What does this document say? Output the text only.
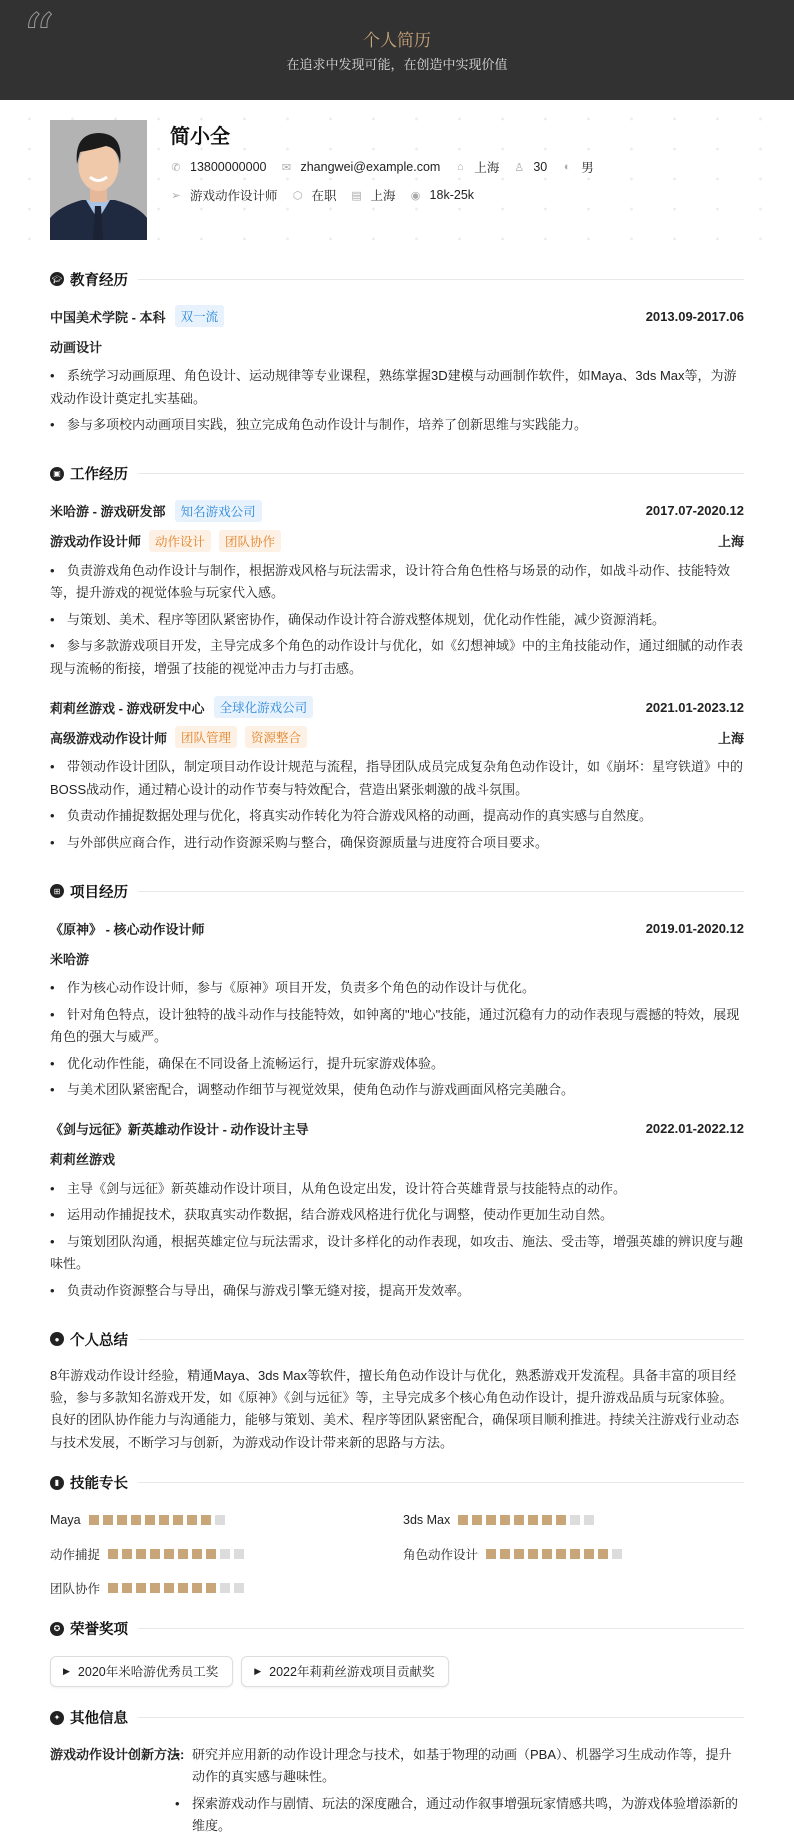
“	个人简历
在追求中发现可能，在创造中实现价值
简小全
✆ 13800000000 ✉ zhangwei@example.com ⌂ 上海 ♙ 30 ◐ 男
➢ 游戏动作设计师 ⬡ 在职 ▤ 上海 ◉ 18k-25k
🎓︎ 教育经历
中国美术学院 - 本科	双一流	2013.09-2017.06
动画设计
• 系统学习动画原理、角色设计、运动规律等专业课程，熟练掌握3D建模与动画制作软件，如Maya、3ds Max等，为游戏动作设计奠定扎实基础。
• 参与多项校内动画项目实践，独立完成角色动作设计与制作，培养了创新思维与实践能力。
▣ 工作经历
米哈游 - 游戏研发部	知名游戏公司	2017.07-2020.12
游戏动作设计师	动作设计	团队协作	上海
• 负责游戏角色动作设计与制作，根据游戏风格与玩法需求，设计符合角色性格与场景的动作，如战斗动作、技能特效等，提升游戏的视觉体验与玩家代入感。
• 与策划、美术、程序等团队紧密协作，确保动作设计符合游戏整体规划，优化动作性能，减少资源消耗。
• 参与多款游戏项目开发，主导完成多个角色的动作设计与优化，如《幻想神域》中的主角技能动作，通过细腻的动作表现与流畅的衔接，增强了技能的视觉冲击力与打击感。
莉莉丝游戏 - 游戏研发中心	全球化游戏公司	2021.01-2023.12
高级游戏动作设计师	团队管理	资源整合	上海
• 带领动作设计团队，制定项目动作设计规范与流程，指导团队成员完成复杂角色动作设计，如《崩坏：星穹铁道》中的BOSS战动作，通过精心设计的动作节奏与特效配合，营造出紧张刺激的战斗氛围。
• 负责动作捕捉数据处理与优化，将真实动作转化为符合游戏风格的动画，提高动作的真实感与自然度。
• 与外部供应商合作，进行动作资源采购与整合，确保资源质量与进度符合项目要求。
⊞ 项目经历
《原神》 - 核心动作设计师	2019.01-2020.12
米哈游
• 作为核心动作设计师，参与《原神》项目开发，负责多个角色的动作设计与优化。
• 针对角色特点，设计独特的战斗动作与技能特效，如钟离的"地心"技能，通过沉稳有力的动作表现与震撼的特效，展现角色的强大与威严。
• 优化动作性能，确保在不同设备上流畅运行，提升玩家游戏体验。
• 与美术团队紧密配合，调整动作细节与视觉效果，使角色动作与游戏画面风格完美融合。
《剑与远征》新英雄动作设计 - 动作设计主导	2022.01-2022.12
莉莉丝游戏
• 主导《剑与远征》新英雄动作设计项目，从角色设定出发，设计符合英雄背景与技能特点的动作。
• 运用动作捕捉技术，获取真实动作数据，结合游戏风格进行优化与调整，使动作更加生动自然。
• 与策划团队沟通，根据英雄定位与玩法需求，设计多样化的动作表现，如攻击、施法、受击等，增强英雄的辨识度与趣味性。
• 负责动作资源整合与导出，确保与游戏引擎无缝对接，提高开发效率。
● 个人总结
8年游戏动作设计经验，精通Maya、3ds Max等软件，擅长角色动作设计与优化，熟悉游戏开发流程。具备丰富的项目经验，参与多款知名游戏开发，如《原神》《剑与远征》等，主导完成多个核心角色动作设计，提升游戏品质与玩家体验。良好的团队协作能力与沟通能力，能够与策划、美术、程序等团队紧密配合，确保项目顺利推进。持续关注游戏行业动态与技术发展，不断学习与创新，为游戏动作设计带来新的思路与方法。
▮ 技能专长
Maya	3ds Max
动作捕捉	角色动作设计
团队协作
✪ 荣誉奖项
▶ 2020年米哈游优秀员工奖	▶ 2022年莉莉丝游戏项目贡献奖
✦ 其他信息
游戏动作设计创新方法: • 研究并应用新的动作设计理念与技术，如基于物理的动画（PBA）、机器学习生成动作等，提升动作的真实感与趣味性。
• 探索游戏动作与剧情、玩法的深度融合，通过动作叙事增强玩家情感共鸣，为游戏体验增添新的维度。
